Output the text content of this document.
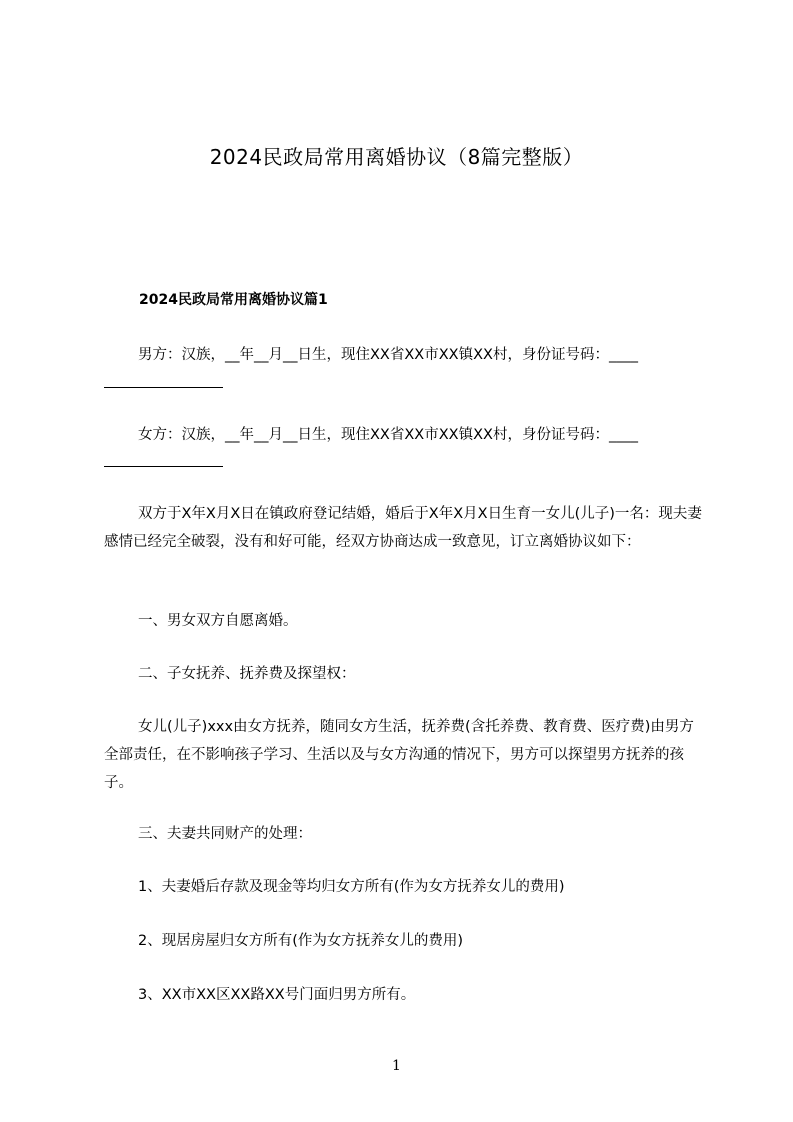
2024民政局常用离婚协议（8篇完整版）
2024民政局常用离婚协议篇1
男方：汉族，__年__月__日生，现住XX省XX市XX镇XX村，身份证号码：____
女方：汉族，__年__月__日生，现住XX省XX市XX镇XX村，身份证号码：____
双方于X年X月X日在镇政府登记结婚，婚后于X年X月X日生育一女儿(儿子)一名：现夫妻感情已经完全破裂，没有和好可能，经双方协商达成一致意见，订立离婚协议如下：
一、男女双方自愿离婚。
二、子女抚养、抚养费及探望权：
女儿(儿子)xxx由女方抚养，随同女方生活，抚养费(含托养费、教育费、医疗费)由男方全部责任，在不影响孩子学习、生活以及与女方沟通的情况下，男方可以探望男方抚养的孩子。
三、夫妻共同财产的处理：
1、夫妻婚后存款及现金等均归女方所有(作为女方抚养女儿的费用)
2、现居房屋归女方所有(作为女方抚养女儿的费用)
3、XX市XX区XX路XX号门面归男方所有。
1
